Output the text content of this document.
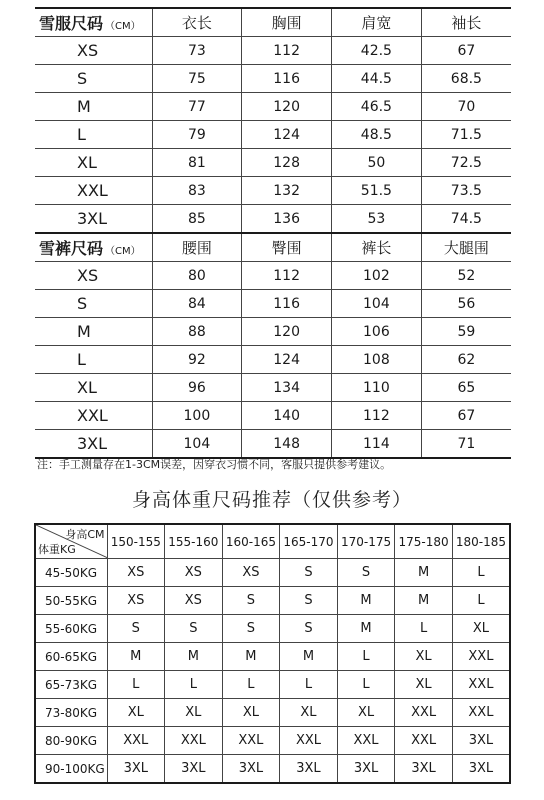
雪服尺码 （CM）	衣长	胸围	肩宽	袖长
XS	73	112	42.5	67
S	75	116	44.5	68.5
M	77	120	46.5	70
L	79	124	48.5	71.5
XL	81	128	50	72.5
XXL	83	132	51.5	73.5
3XL	85	136	53	74.5
雪裤尺码 （CM）	腰围	臀围	裤长	大腿围
XS	80	112	102	52
S	84	116	104	56
M	88	120	106	59
L	92	124	108	62
XL	96	134	110	65
XXL	100	140	112	67
3XL	104	148	114	71
注：手工测量存在1-3CM误差，因穿衣习惯不同，客服只提供参考建议。
身高体重尺码推荐（仅供参考）
身高CM
体重KG	150-155	155-160	160-165	165-170	170-175	175-180	180-185
45-50KG	XS	XS	XS	S	S	M	L
50-55KG	XS	XS	S	S	M	M	L
55-60KG	S	S	S	S	M	L	XL
60-65KG	M	M	M	M	L	XL	XXL
65-73KG	L	L	L	L	L	XL	XXL
73-80KG	XL	XL	XL	XL	XL	XXL	XXL
80-90KG	XXL	XXL	XXL	XXL	XXL	XXL	3XL
90-100KG	3XL	3XL	3XL	3XL	3XL	3XL	3XL
